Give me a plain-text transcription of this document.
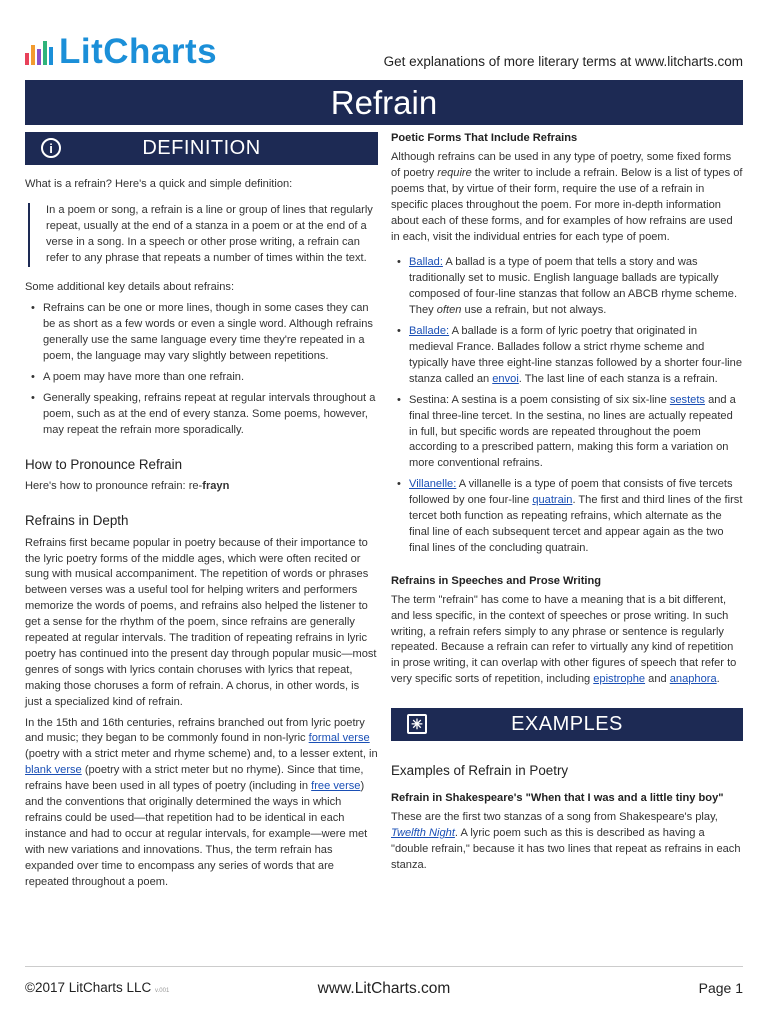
LitCharts	Get explanations of more literary terms at www.litcharts.com
Refrain
i	DEFINITION

What is a refrain? Here's a quick and simple definition:

In a poem or song, a refrain is a line or group of lines that regularly repeat, usually at the end of a stanza in a poem or at the end of a verse in a song. In a speech or other prose writing, a refrain can refer to any phrase that repeats a number of times within the text.

Some additional key details about refrains:

• Refrains can be one or more lines, though in some cases they can be as short as a few words or even a single word. Although refrains generally use the same language every time they're repeated in a poem, the language may vary slightly between repetitions.
• A poem may have more than one refrain.
• Generally speaking, refrains repeat at regular intervals throughout a poem, such as at the end of every stanza. Some poems, however, may repeat the refrain more sporadically.
How to Pronounce Refrain

Here's how to pronounce refrain: re-frayn

Refrains in Depth

Refrains first became popular in poetry because of their importance to the lyric poetry forms of the middle ages, which were often recited or sung with musical accompaniment. The repetition of words or phrases between verses was a useful tool for helping writers and performers memorize the words of poems, and refrains also helped the listener to get a sense for the rhythm of the poem, since refrains are generally repeated at regular intervals. The tradition of repeating refrains in lyric poetry has continued into the present day through popular music—most genres of songs with lyrics contain choruses with lyrics that repeat, making those choruses a form of refrain. A chorus, in other words, is just a specialized kind of refrain.

In the 15th and 16th centuries, refrains branched out from lyric poetry and music; they began to be commonly found in non-lyric formal verse (poetry with a strict meter and rhyme scheme) and, to a lesser extent, in blank verse (poetry with a strict meter but no rhyme). Since that time, refrains have been used in all types of poetry (including in free verse) and the conventions that originally determined the ways in which refrains could be used—that repetition had to be identical in each instance and had to occur at regular intervals, for example—were met with new variations and innovations. Thus, the term refrain has expanded over time to encompass any series of words that are repeated throughout a poem.

Poetic Forms That Include Refrains

Although refrains can be used in any type of poetry, some fixed forms of poetry require the writer to include a refrain. Below is a list of types of poems that, by virtue of their form, require the use of a refrain in specific places throughout the poem. For more in-depth information about each of these forms, and for examples of how refrains are used in each, visit the individual entries for each type of poem.

• Ballad: A ballad is a type of poem that tells a story and was traditionally set to music. English language ballads are typically composed of four-line stanzas that follow an ABCB rhyme scheme. They often use a refrain, but not always.
• Ballade: A ballade is a form of lyric poetry that originated in medieval France. Ballades follow a strict rhyme scheme and typically have three eight-line stanzas followed by a shorter four-line stanza called an envoi. The last line of each stanza is a refrain.
• Sestina: A sestina is a poem consisting of six six-line sestets and a final three-line tercet. In the sestina, no lines are actually repeated in full, but specific words are repeated throughout the poem according to a prescribed pattern, making this form a variation on more conventional refrains.
• Villanelle: A villanelle is a type of poem that consists of five tercets followed by one four-line quatrain. The first and third lines of the first tercet both function as repeating refrains, which alternate as the final line of each subsequent tercet and appear again as the two final lines of the concluding quatrain.
Refrains in Speeches and Prose Writing

The term "refrain" has come to have a meaning that is a bit different, and less specific, in the context of speeches or prose writing. In such writing, a refrain refers simply to any phrase or sentence is regularly repeated. Because a refrain can refer to virtually any kind of repetition in prose writing, it can overlap with other figures of speech that refer to very specific sorts of repetition, including epistrophe and anaphora.

✳	EXAMPLES
Examples of Refrain in Poetry
Refrain in Shakespeare's "When that I was and a little tiny boy"

These are the first two stanzas of a song from Shakespeare's play, Twelfth Night. A lyric poem such as this is described as having a "double refrain," because it has two lines that repeat as refrains in each stanza.

©2017 LitCharts LLC v.001	www.LitCharts.com	Page 1
